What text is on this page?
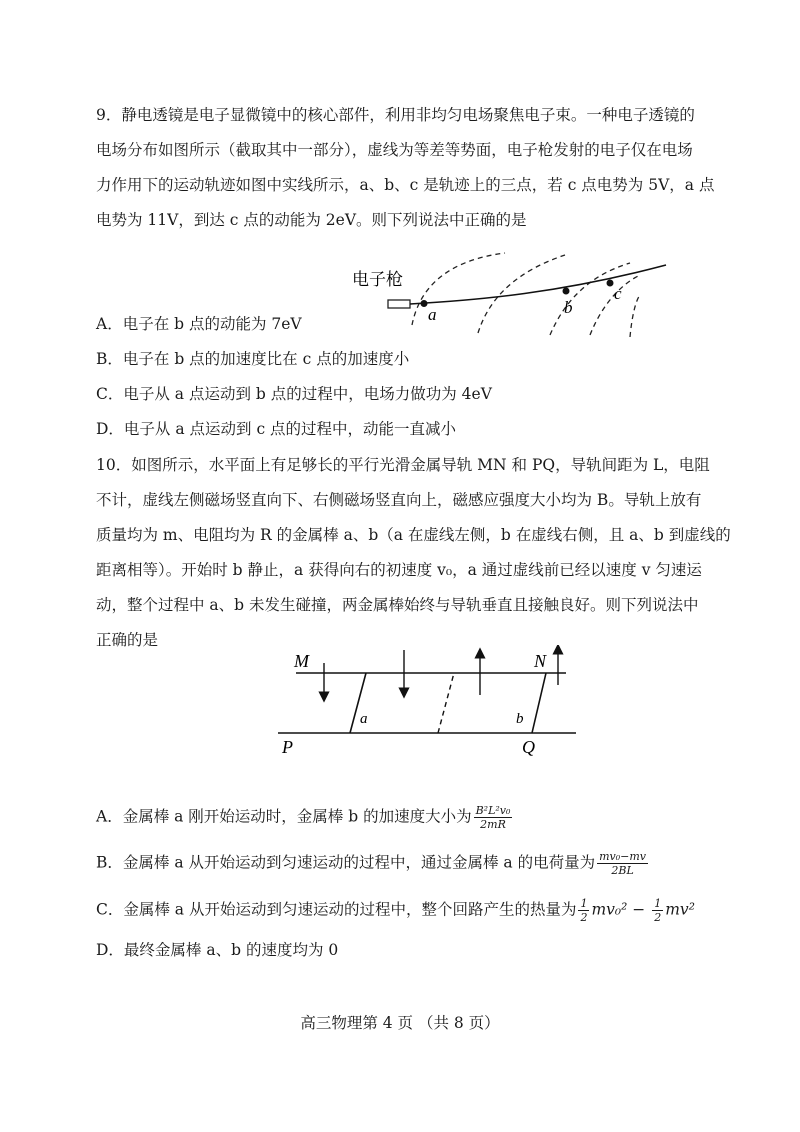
9．静电透镜是电子显微镜中的核心部件，利用非均匀电场聚焦电子束。一种电子透镜的
电场分布如图所示（截取其中一部分），虚线为等差等势面，电子枪发射的电子仅在电场
力作用下的运动轨迹如图中实线所示，a、b、c 是轨迹上的三点，若 c 点电势为 5V，a 点
电势为 11V，到达 c 点的动能为 2eV。则下列说法中正确的是
电子枪
a	b
c
A．电子在 b 点的动能为 7eV
B．电子在 b 点的加速度比在 c 点的加速度小
C．电子从 a 点运动到 b 点的过程中，电场力做功为 4eV
D．电子从 a 点运动到 c 点的过程中，动能一直减小
10．如图所示，水平面上有足够长的平行光滑金属导轨 MN 和 PQ，导轨间距为 L，电阻
不计，虚线左侧磁场竖直向下、右侧磁场竖直向上，磁感应强度大小均为 B。导轨上放有
质量均为 m、电阻均为 R 的金属棒 a、b（a 在虚线左侧，b 在虚线右侧，且 a、b 到虚线的
距离相等）。开始时 b 静止，a 获得向右的初速度 v₀，a 通过虚线前已经以速度 v 匀速运
动，整个过程中 a、b 未发生碰撞，两金属棒始终与导轨垂直且接触良好。则下列说法中
正确的是
M	N
P	Q
a	b
A．金属棒 a 刚开始运动时，金属棒 b 的加速度大小为 $\frac{\text{B²L²v₀}}{2mR}$
B．金属棒 a 从开始运动到匀速运动的过程中，通过金属棒 a 的电荷量为 $\frac{\text{mv₀−mv}}{2BL}$
C．金属棒 a 从开始运动到匀速运动的过程中，整个回路产生的热量为 $\frac{1}{2} mv_0^2 - \frac{1}{2} mv^2$
D．最终金属棒 a、b 的速度均为 0
高三物理第 4 页 （共 8 页）
